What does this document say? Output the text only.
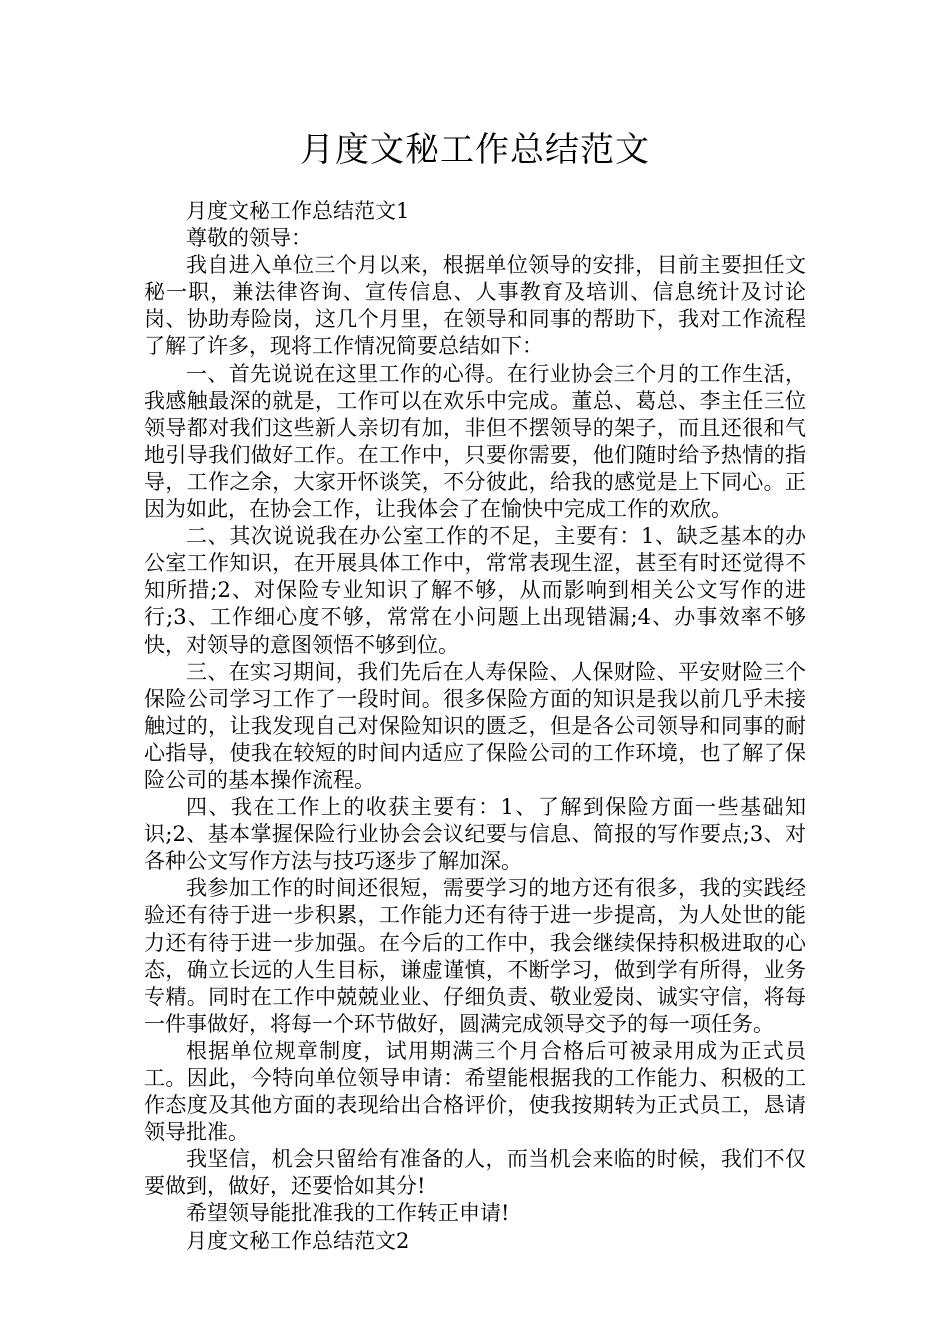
月度文秘工作总结范文

月度文秘工作总结范文1

尊敬的领导：

我自进入单位三个月以来，根据单位领导的安排，目前主要担任文秘一职，兼法律咨询、宣传信息、人事教育及培训、信息统计及讨论岗、协助寿险岗，这几个月里，在领导和同事的帮助下，我对工作流程了解了许多，现将工作情况简要总结如下：

一、首先说说在这里工作的心得。在行业协会三个月的工作生活，我感触最深的就是，工作可以在欢乐中完成。董总、葛总、李主任三位领导都对我们这些新人亲切有加，非但不摆领导的架子，而且还很和气地引导我们做好工作。在工作中，只要你需要，他们随时给予热情的指导，工作之余，大家开怀谈笑，不分彼此，给我的感觉是上下同心。正因为如此，在协会工作，让我体会了在愉快中完成工作的欢欣。

二、其次说说我在办公室工作的不足，主要有：1、缺乏基本的办公室工作知识，在开展具体工作中，常常表现生涩，甚至有时还觉得不知所措;2、对保险专业知识了解不够，从而影响到相关公文写作的进行;3、工作细心度不够，常常在小问题上出现错漏;4、办事效率不够快，对领导的意图领悟不够到位。

三、在实习期间，我们先后在人寿保险、人保财险、平安财险三个保险公司学习工作了一段时间。很多保险方面的知识是我以前几乎未接触过的，让我发现自己对保险知识的匮乏，但是各公司领导和同事的耐心指导，使我在较短的时间内适应了保险公司的工作环境，也了解了保险公司的基本操作流程。

四、我在工作上的收获主要有：1、了解到保险方面一些基础知识;2、基本掌握保险行业协会会议纪要与信息、简报的写作要点;3、对各种公文写作方法与技巧逐步了解加深。

我参加工作的时间还很短，需要学习的地方还有很多，我的实践经验还有待于进一步积累，工作能力还有待于进一步提高，为人处世的能力还有待于进一步加强。在今后的工作中，我会继续保持积极进取的心态，确立长远的人生目标，谦虚谨慎，不断学习，做到学有所得，业务专精。同时在工作中兢兢业业、仔细负责、敬业爱岗、诚实守信，将每一件事做好，将每一个环节做好，圆满完成领导交予的每一项任务。

根据单位规章制度，试用期满三个月合格后可被录用成为正式员工。因此，今特向单位领导申请：希望能根据我的工作能力、积极的工作态度及其他方面的表现给出合格评价，使我按期转为正式员工，恳请领导批准。

我坚信，机会只留给有准备的人，而当机会来临的时候，我们不仅要做到，做好，还要恰如其分!

希望领导能批准我的工作转正申请!

月度文秘工作总结范文2
